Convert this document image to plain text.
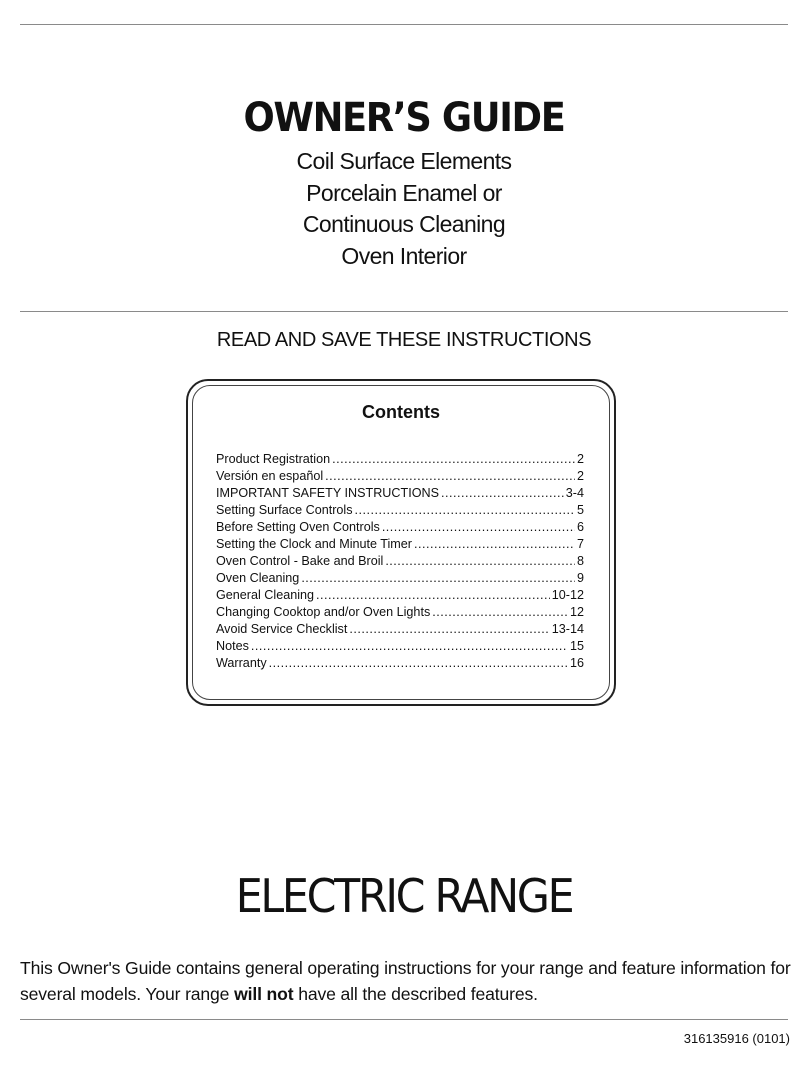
OWNER’S GUIDE
Coil Surface Elements
Porcelain Enamel or
Continuous Cleaning
Oven Interior
READ AND SAVE THESE INSTRUCTIONS
Contents
Product Registration .....	2
Versión en español .....	2
IMPORTANT SAFETY INSTRUCTIONS .....	3-4
Setting Surface Controls .....	5
Before Setting Oven Controls .....	6
Setting the Clock and Minute Timer .....	7
Oven Control - Bake and Broil .....	8
Oven Cleaning .....	9
General Cleaning .....	10-12
Changing Cooktop and/or Oven Lights .....	12
Avoid Service Checklist .....	13-14
Notes .....	15
Warranty .....	16
ELECTRIC RANGE
This Owner's Guide contains general operating instructions for your range and feature information for several models. Your range will not have all the described features.
316135916 (0101)
